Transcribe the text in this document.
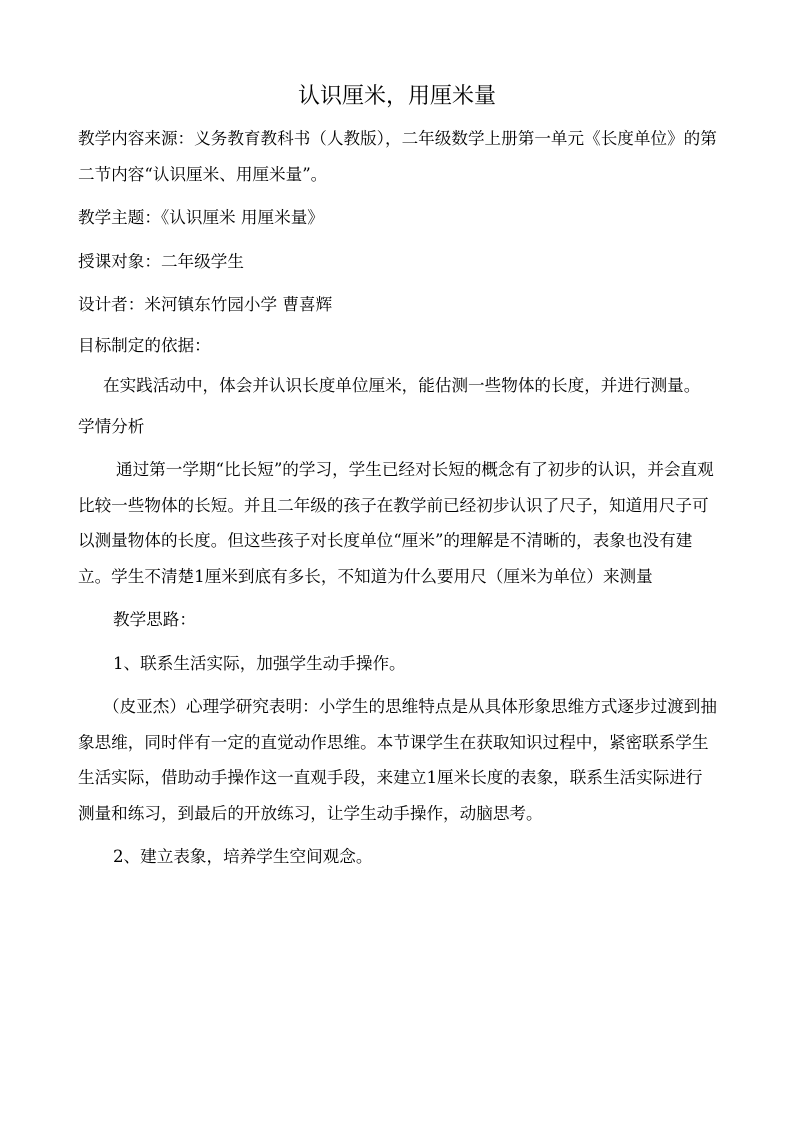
认识厘米，用厘米量

教学内容来源：义务教育教科书（人教版），二年级数学上册第一单元《长度单位》的第二节内容“认识厘米、用厘米量”。

教学主题：《认识厘米 用厘米量》

授课对象：二年级学生

设计者：米河镇东竹园小学 曹喜辉

目标制定的依据：

在实践活动中，体会并认识长度单位厘米，能估测一些物体的长度，并进行测量。

学情分析

通过第一学期“比长短”的学习，学生已经对长短的概念有了初步的认识，并会直观比较一些物体的长短。并且二年级的孩子在教学前已经初步认识了尺子，知道用尺子可以测量物体的长度。但这些孩子对长度单位“厘米”的理解是不清晰的，表象也没有建立。学生不清楚1厘米到底有多长，不知道为什么要用尺（厘米为单位）来测量

教学思路：

1、联系生活实际，加强学生动手操作。

（皮亚杰）心理学研究表明：小学生的思维特点是从具体形象思维方式逐步过渡到抽象思维，同时伴有一定的直觉动作思维。本节课学生在获取知识过程中，紧密联系学生生活实际，借助动手操作这一直观手段，来建立1厘米长度的表象，联系生活实际进行测量和练习，到最后的开放练习，让学生动手操作，动脑思考。

2、建立表象，培养学生空间观念。
